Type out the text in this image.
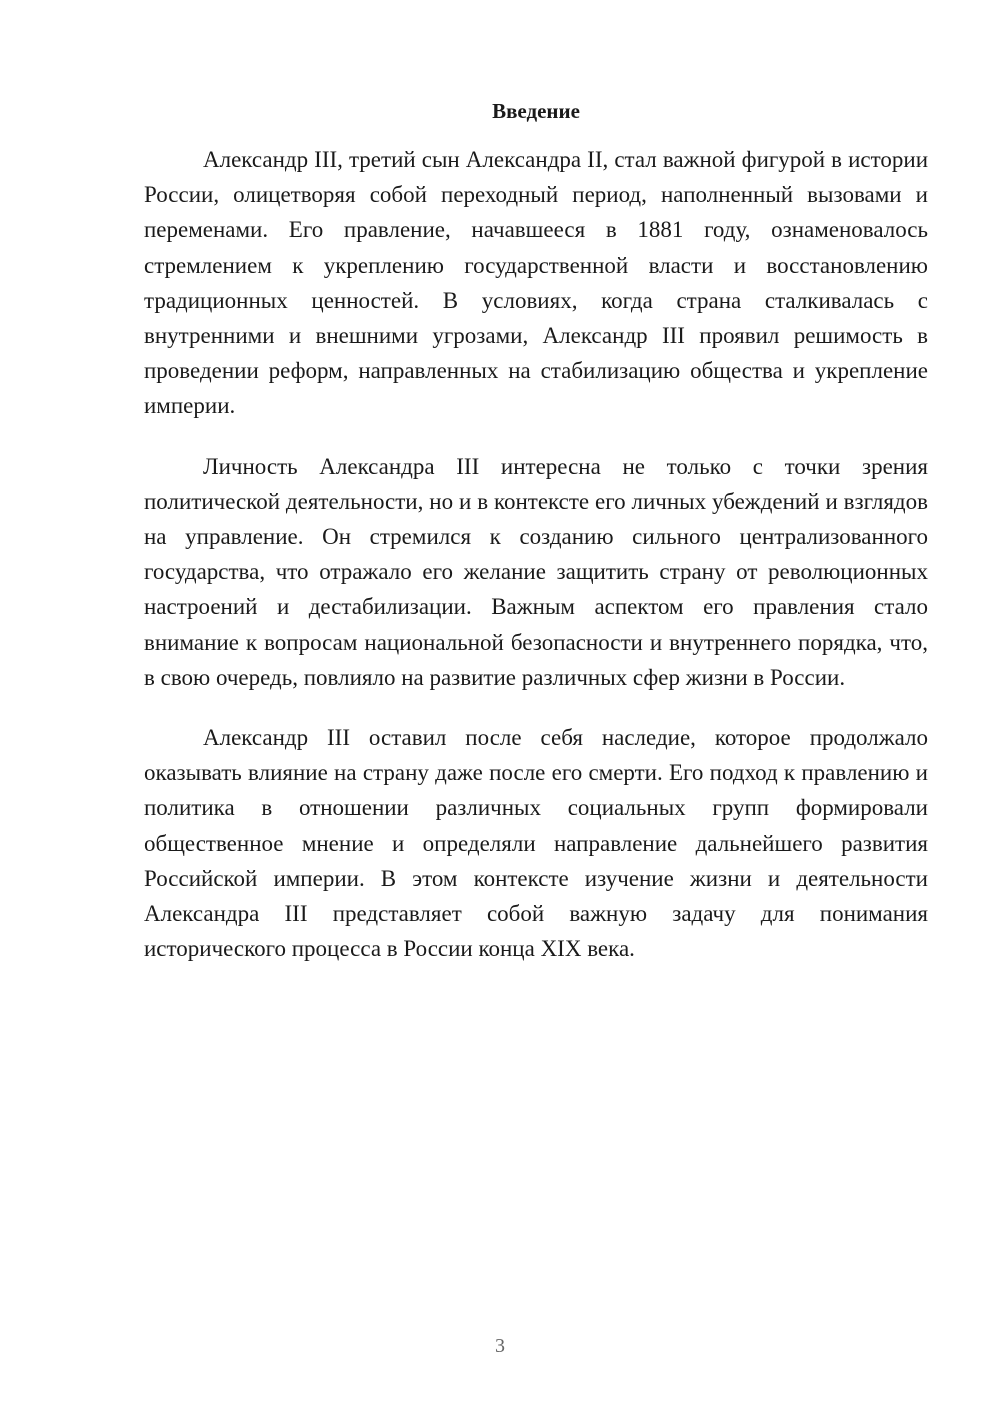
Введение

Александр III, третий сын Александра II, стал важной фигурой в истории России, олицетворяя собой переходный период, наполненный вызовами и переменами. Его правление, начавшееся в 1881 году, ознаменовалось стремлением к укреплению государственной власти и восстановлению традиционных ценностей. В условиях, когда страна сталкивалась с внутренними и внешними угрозами, Александр III проявил решимость в проведении реформ, направленных на стабилизацию общества и укрепление империи.

Личность Александра III интересна не только с точки зрения политической деятельности, но и в контексте его личных убеждений и взглядов на управление. Он стремился к созданию сильного централизованного государства, что отражало его желание защитить страну от революционных настроений и дестабилизации. Важным аспектом его правления стало внимание к вопросам национальной безопасности и внутреннего порядка, что, в свою очередь, повлияло на развитие различных сфер жизни в России.

Александр III оставил после себя наследие, которое продолжало оказывать влияние на страну даже после его смерти. Его подход к правлению и политика в отношении различных социальных групп формировали общественное мнение и определяли направление дальнейшего развития Российской империи. В этом контексте изучение жизни и деятельности Александра III представляет собой важную задачу для понимания исторического процесса в России конца XIX века.

3
